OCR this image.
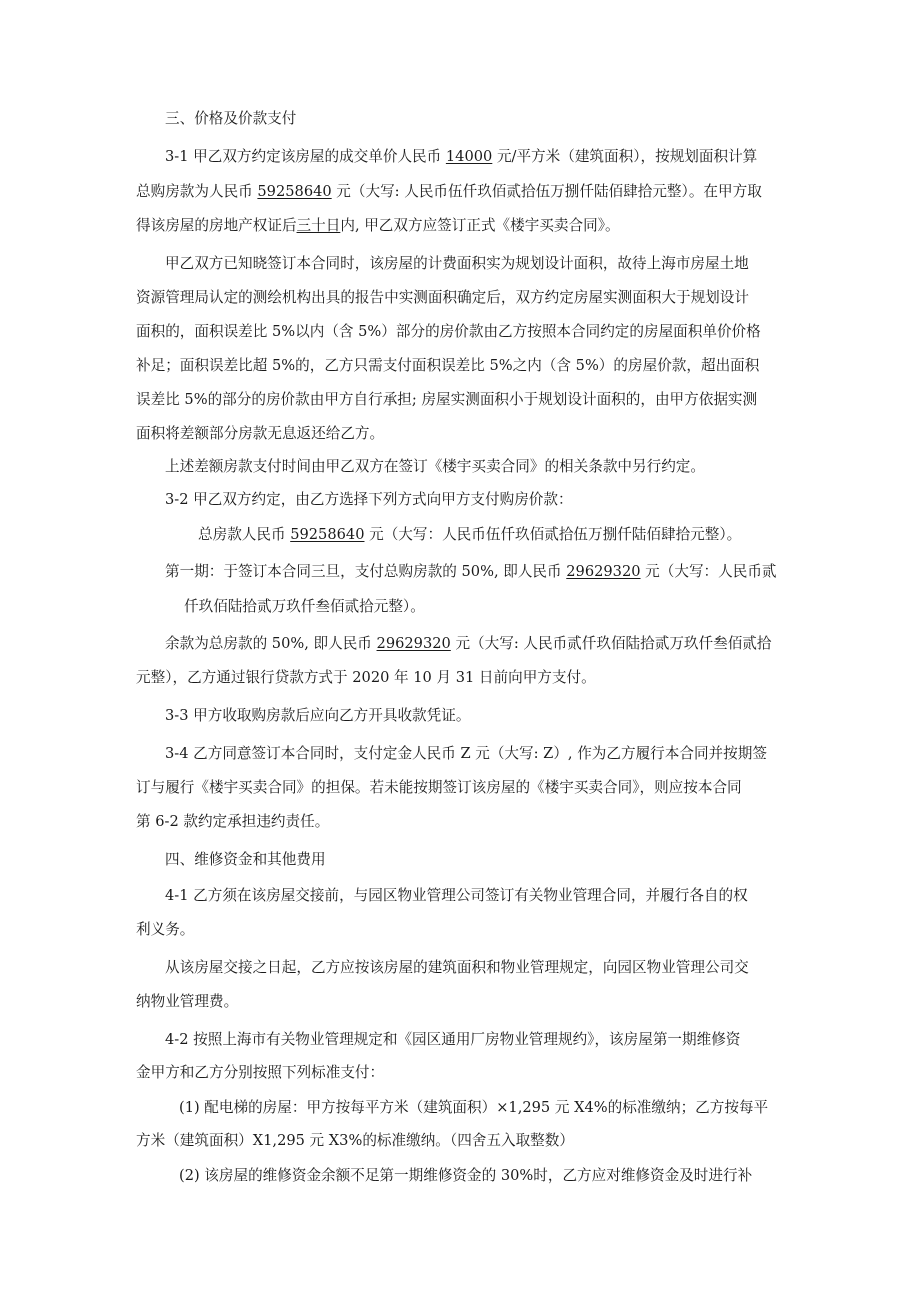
三、价格及价款支付
3-1 甲乙双方约定该房屋的成交单价人民币 14000 元/平方米（建筑面积），按规划面积计算
总购房款为人民币 59258640 元（大写: 人民币伍仟玖佰贰拾伍万捌仟陆佰肆拾元整）。在甲方取
得该房屋的房地产权证后三十日内, 甲乙双方应签订正式《楼宇买卖合同》。
甲乙双方已知晓签订本合同时，该房屋的计费面积实为规划设计面积，故待上海市房屋土地
资源管理局认定的测绘机构出具的报告中实测面积确定后，双方约定房屋实测面积大于规划设计
面积的，面积误差比 5%以内（含 5%）部分的房价款由乙方按照本合同约定的房屋面积单价价格
补足；面积误差比超 5%的，乙方只需支付面积误差比 5%之内（含 5%）的房屋价款，超出面积
误差比 5%的部分的房价款由甲方自行承担; 房屋实测面积小于规划设计面积的，由甲方依据实测
面积将差额部分房款无息返还给乙方。
上述差额房款支付时间由甲乙双方在签订《楼宇买卖合同》的相关条款中另行约定。
3-2 甲乙双方约定，由乙方选择下列方式向甲方支付购房价款：
总房款人民币 59258640 元（大写：人民币伍仟玖佰贰拾伍万捌仟陆佰肆拾元整）。
第一期：于签订本合同三旦，支付总购房款的 50%, 即人民币 29629320 元（大写：人民币贰
仟玖佰陆拾贰万玖仟叁佰贰拾元整）。
余款为总房款的 50%, 即人民币 29629320 元（大写: 人民币贰仟玖佰陆拾贰万玖仟叁佰贰拾
元整），乙方通过银行贷款方式于 2020 年 10 月 31 日前向甲方支付。
3-3 甲方收取购房款后应向乙方开具收款凭证。
3-4 乙方同意签订本合同时，支付定金人民币 Z 元（大写: Z）, 作为乙方履行本合同并按期签
订与履行《楼宇买卖合同》的担保。若未能按期签订该房屋的《楼宇买卖合同》，则应按本合同
第 6-2 款约定承担违约责任。
四、维修资金和其他费用
4-1 乙方须在该房屋交接前，与园区物业管理公司签订有关物业管理合同，并履行各自的权
利义务。
从该房屋交接之日起，乙方应按该房屋的建筑面积和物业管理规定，向园区物业管理公司交
纳物业管理费。
4-2 按照上海市有关物业管理规定和《园区通用厂房物业管理规约》，该房屋第一期维修资
金甲方和乙方分别按照下列标准支付：
(1) 配电梯的房屋：甲方按每平方米（建筑面积）×1,295 元 X4%的标准缴纳；乙方按每平
方米（建筑面积）X1,295 元 X3%的标准缴纳。（四舍五入取整数）
(2) 该房屋的维修资金余额不足第一期维修资金的 30%时，乙方应对维修资金及时进行补
